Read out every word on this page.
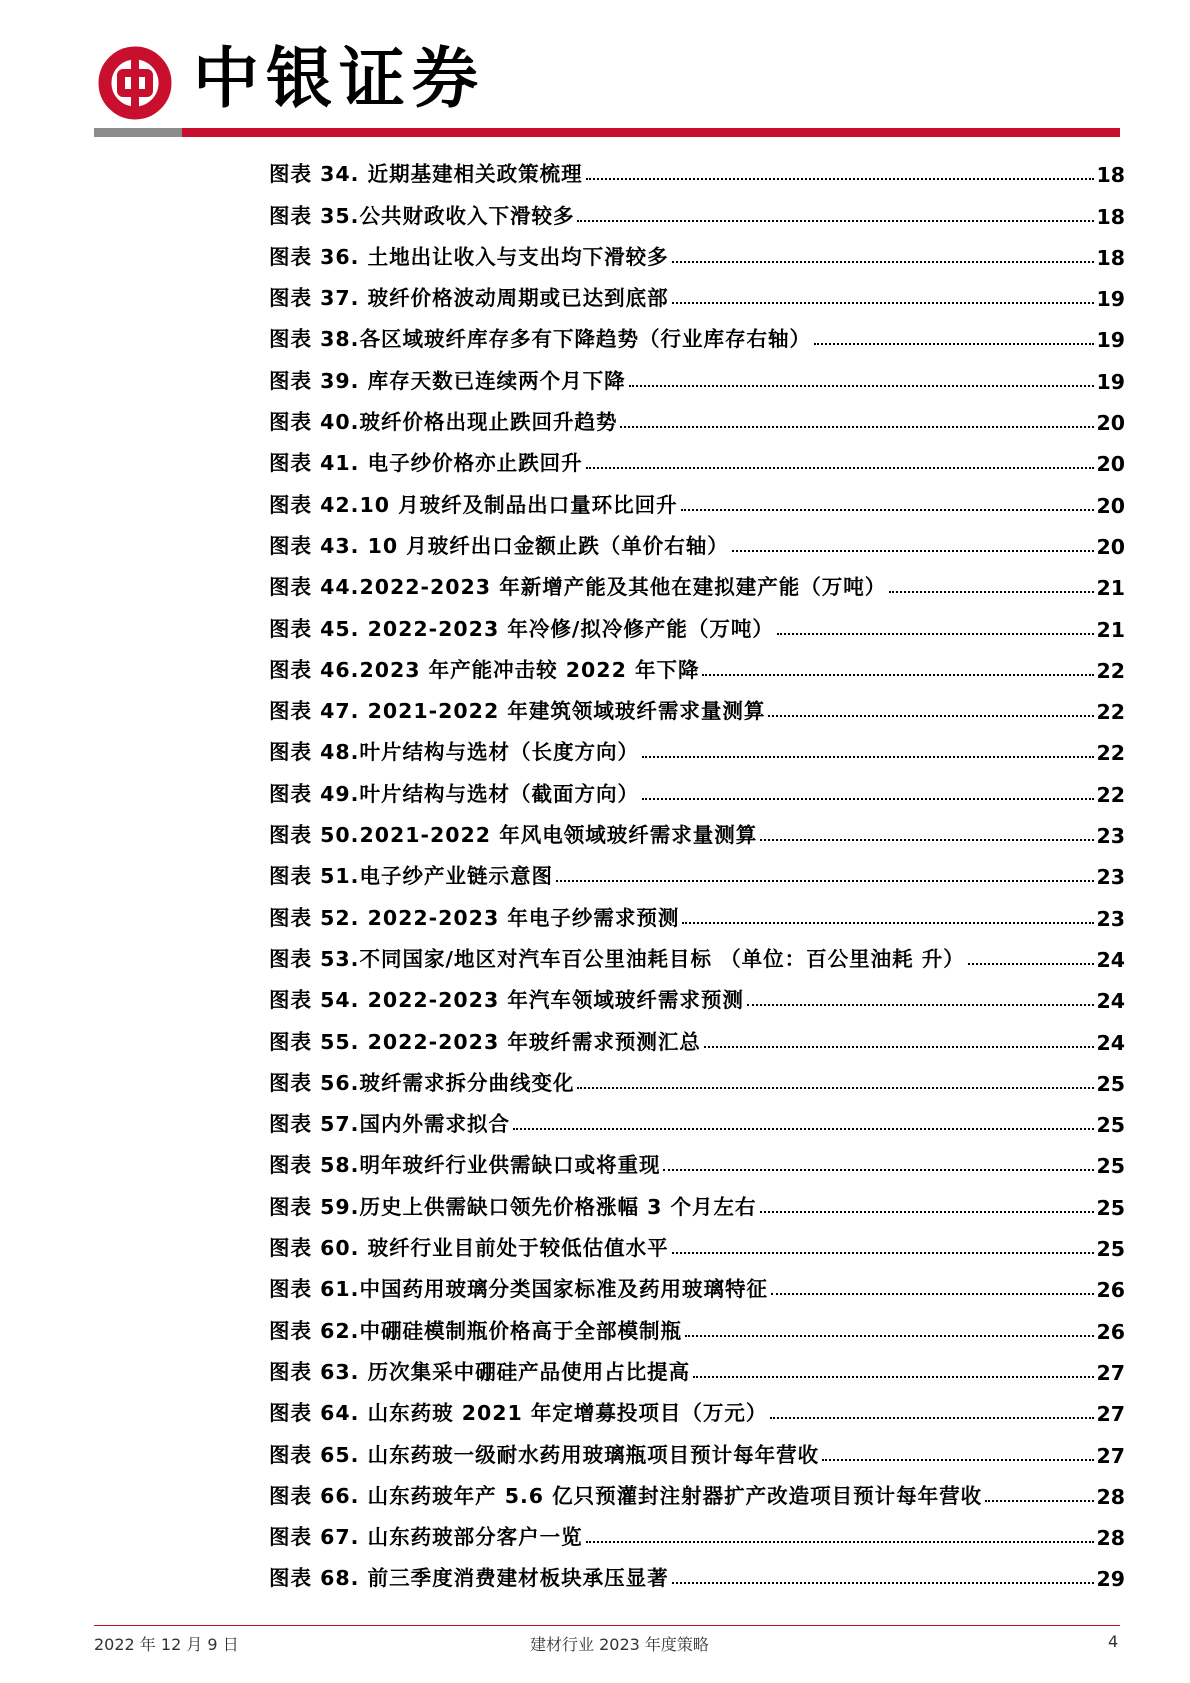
中银证券
图表 34. 近期基建相关政策梳理	18
图表 35.公共财政收入下滑较多	18
图表 36. 土地出让收入与支出均下滑较多	18
图表 37. 玻纤价格波动周期或已达到底部	19
图表 38.各区域玻纤库存多有下降趋势（行业库存右轴）	19
图表 39. 库存天数已连续两个月下降	19
图表 40.玻纤价格出现止跌回升趋势	20
图表 41. 电子纱价格亦止跌回升	20
图表 42.10 月玻纤及制品出口量环比回升	20
图表 43. 10 月玻纤出口金额止跌（单价右轴）	20
图表 44.2022-2023 年新增产能及其他在建拟建产能（万吨）	21
图表 45. 2022-2023 年冷修/拟冷修产能（万吨）	21
图表 46.2023 年产能冲击较 2022 年下降	22
图表 47. 2021-2022 年建筑领域玻纤需求量测算	22
图表 48.叶片结构与选材（长度方向）	22
图表 49.叶片结构与选材（截面方向）	22
图表 50.2021-2022 年风电领域玻纤需求量测算	23
图表 51.电子纱产业链示意图	23
图表 52. 2022-2023 年电子纱需求预测	23
图表 53.不同国家/地区对汽车百公里油耗目标 （单位：百公里油耗 升）	24
图表 54. 2022-2023 年汽车领域玻纤需求预测	24
图表 55. 2022-2023 年玻纤需求预测汇总	24
图表 56.玻纤需求拆分曲线变化	25
图表 57.国内外需求拟合	25
图表 58.明年玻纤行业供需缺口或将重现	25
图表 59.历史上供需缺口领先价格涨幅 3 个月左右	25
图表 60. 玻纤行业目前处于较低估值水平	25
图表 61.中国药用玻璃分类国家标准及药用玻璃特征	26
图表 62.中硼硅模制瓶价格高于全部模制瓶	26
图表 63. 历次集采中硼硅产品使用占比提高	27
图表 64. 山东药玻 2021 年定增募投项目（万元）	27
图表 65. 山东药玻一级耐水药用玻璃瓶项目预计每年营收	27
图表 66. 山东药玻年产 5.6 亿只预灌封注射器扩产改造项目预计每年营收	28
图表 67. 山东药玻部分客户一览	28
图表 68. 前三季度消费建材板块承压显著	29
2022 年 12 月 9 日	建材行业 2023 年度策略	4
